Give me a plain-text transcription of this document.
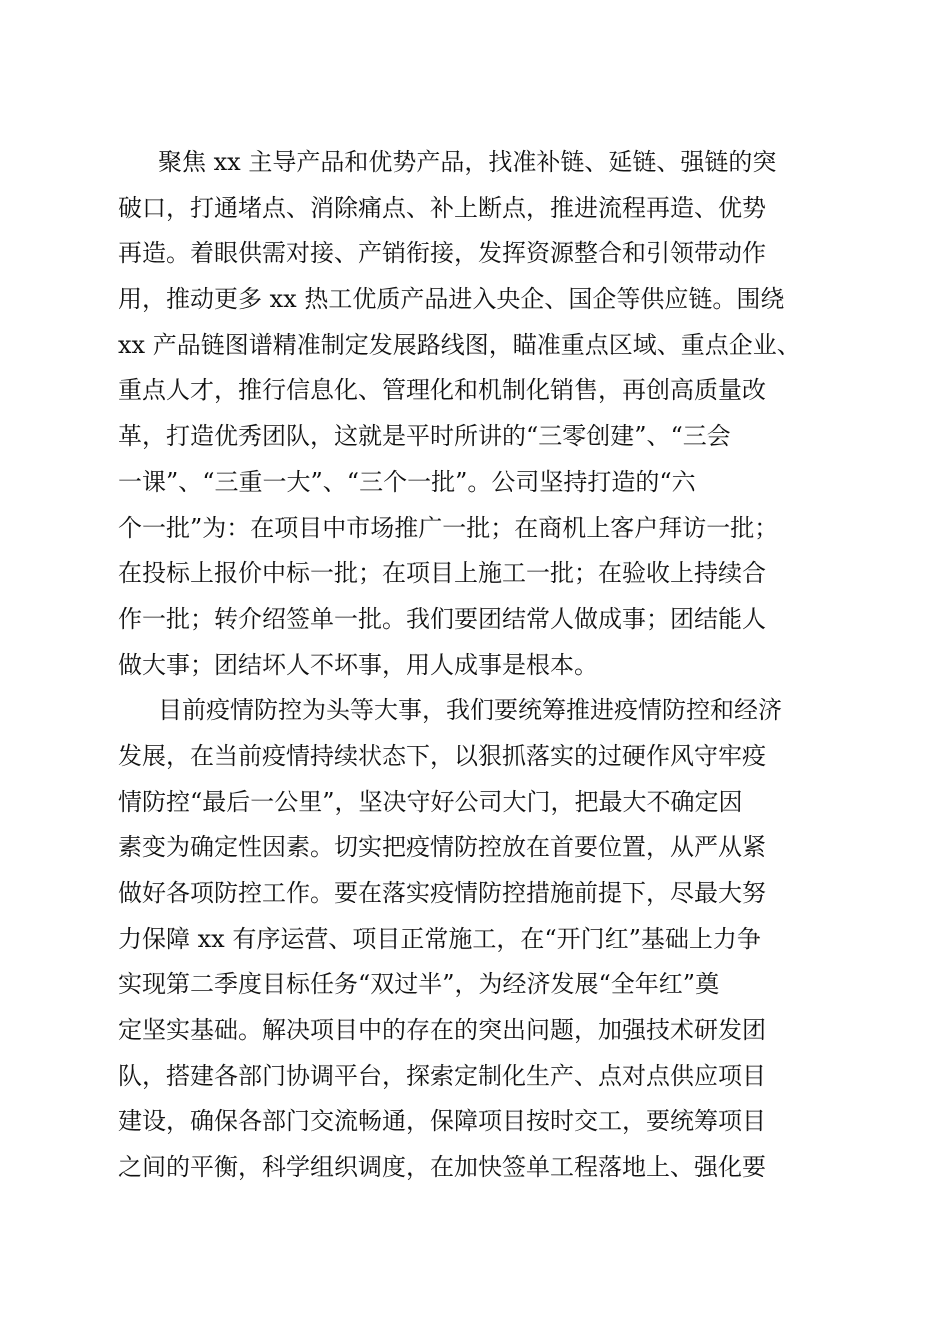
聚焦 xx 主导产品和优势产品，找准补链、延链、强链的突
破口，打通堵点、消除痛点、补上断点，推进流程再造、优势
再造。着眼供需对接、产销衔接，发挥资源整合和引领带动作
用，推动更多 xx 热工优质产品进入央企、国企等供应链。围绕
xx 产品链图谱精准制定发展路线图，瞄准重点区域、重点企业、
重点人才，推行信息化、管理化和机制化销售，再创高质量改
革，打造优秀团队，这就是平时所讲的“三零创建”、“三会
一课”、“三重一大”、“三个一批”。公司坚持打造的“六
个一批”为：在项目中市场推广一批；在商机上客户拜访一批；
在投标上报价中标一批；在项目上施工一批；在验收上持续合
作一批；转介绍签单一批。我们要团结常人做成事；团结能人
做大事；团结坏人不坏事，用人成事是根本。
目前疫情防控为头等大事，我们要统筹推进疫情防控和经济
发展，在当前疫情持续状态下，以狠抓落实的过硬作风守牢疫
情防控“最后一公里”，坚决守好公司大门，把最大不确定因
素变为确定性因素。切实把疫情防控放在首要位置，从严从紧
做好各项防控工作。要在落实疫情防控措施前提下，尽最大努
力保障 xx 有序运营、项目正常施工，在“开门红”基础上力争
实现第二季度目标任务“双过半”，为经济发展“全年红”奠
定坚实基础。解决项目中的存在的突出问题，加强技术研发团
队，搭建各部门协调平台，探索定制化生产、点对点供应项目
建设，确保各部门交流畅通，保障项目按时交工，要统筹项目
之间的平衡，科学组织调度，在加快签单工程落地上、强化要
